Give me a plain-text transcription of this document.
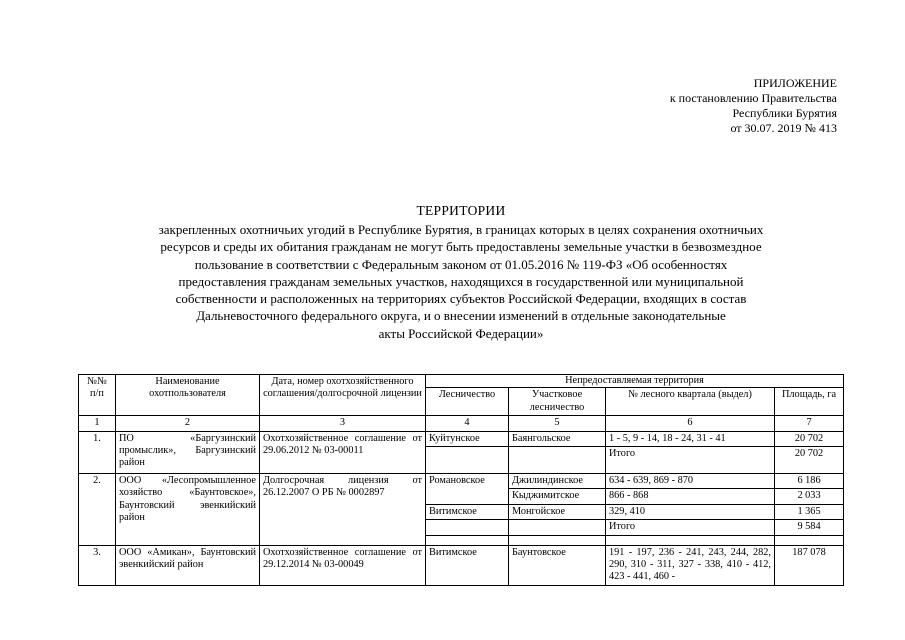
ПРИЛОЖЕНИЕ
к постановлению Правительства
Республики Бурятия
от 30.07. 2019 № 413
ТЕРРИТОРИИ
закрепленных охотничьих угодий в Республике Бурятия, в границах которых в целях сохранения охотничьих
ресурсов и среды их обитания гражданам не могут быть предоставлены земельные участки в безвозмездное
пользование в соответствии с Федеральным законом от 01.05.2016 № 119-ФЗ «Об особенностях
предоставления гражданам земельных участков, находящихся в государственной или муниципальной
собственности и расположенных на территориях субъектов Российской Федерации, входящих в состав
Дальневосточного федерального округа, и о внесении изменений в отдельные законодательные
акты Российской Федерации»
№№ п/п	Наименование охотпользователя	Дата, номер охотхозяйственного соглашения/долгосрочной лицензии	Непредоставляемая территория			
			Лесничество	Участковое лесничество	№ лесного квартала (выдел)	Площадь, га
1	2	3	4	5	6	7
1.	ПО «Баргузинский промыслик», Баргузинский район	Охотхозяйственное соглашение от 29.06.2012 № 03-00011	Куйтунское	Баянгольское	1 - 5, 9 - 14, 18 - 24, 31 - 41	20 702
					Итого	20 702
2.	ООО «Лесопромышленное хозяйство «Баунтовское», Баунтовский эвенкийский район	Долгосрочная лицензия от 26.12.2007 О РБ № 0002897	Романовское	Джилиндинское	634 - 639, 869 - 870	6 186
				Кыджимитское	866 - 868	2 033
			Витимское	Монгойское	329, 410	1 365
					Итого	9 584

3.	ООО «Амикан», Баунтовский эвенкийский район	Охотхозяйственное соглашение от 29.12.2014 № 03-00049	Витимское	Баунтовское	191 - 197, 236 - 241, 243, 244, 282, 290, 310 - 311, 327 - 338, 410 - 412, 423 - 441, 460 -	187 078
